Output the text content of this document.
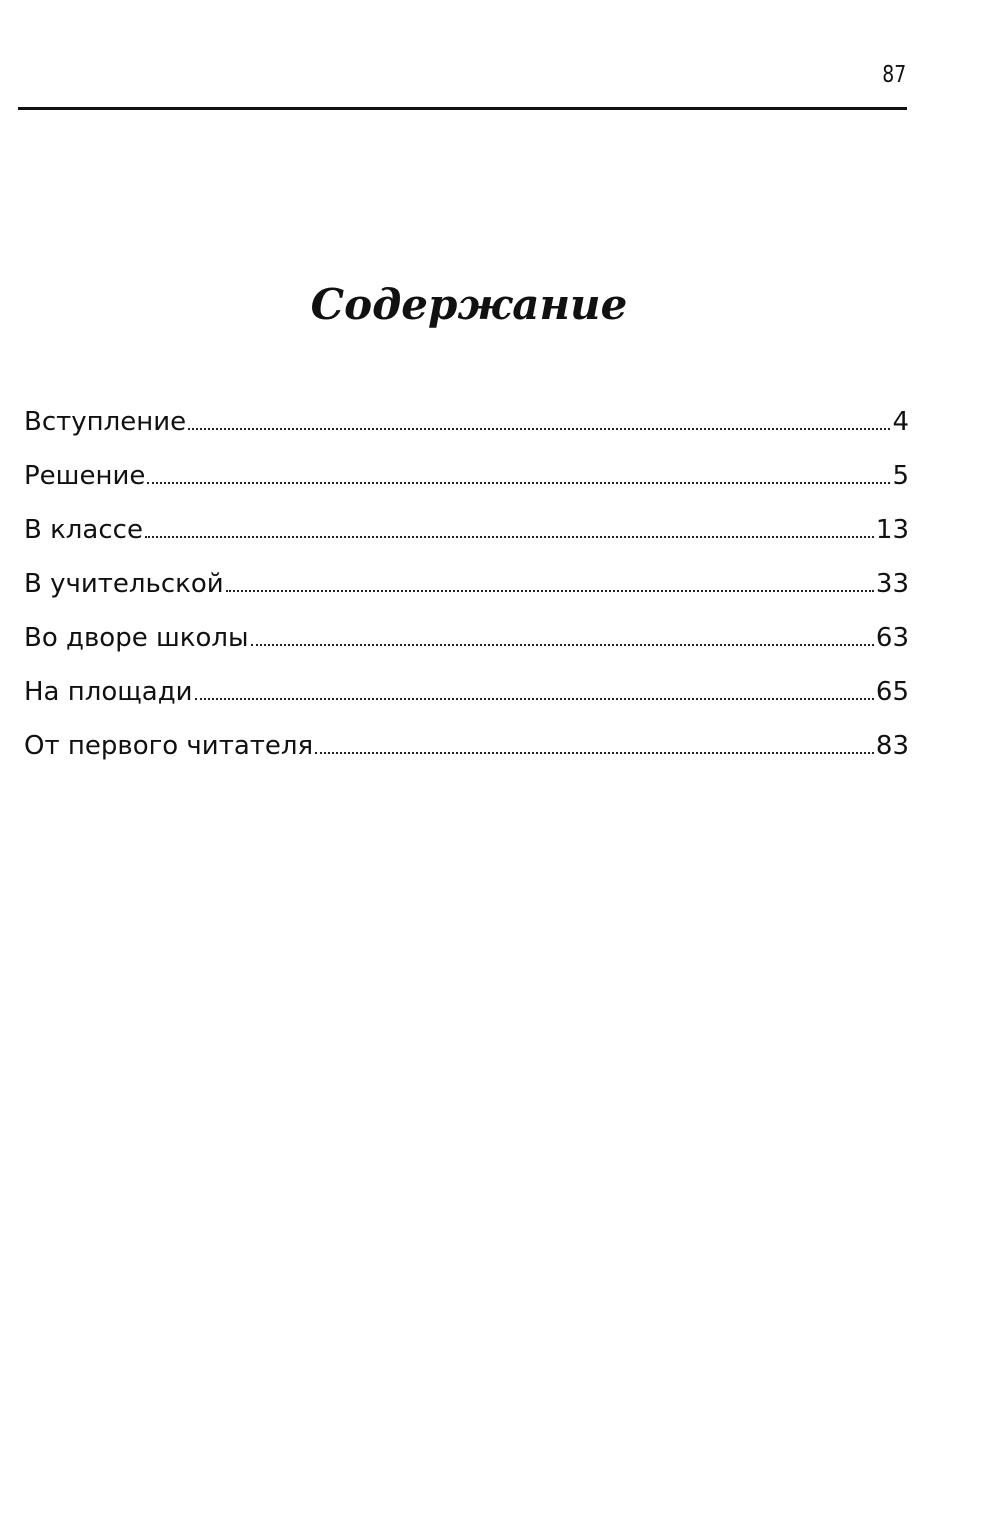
87
Содержание
Вступление	4
Решение	5
В классе	13
В учительской	33
Во дворе школы	63
На площади	65
От первого читателя	83
